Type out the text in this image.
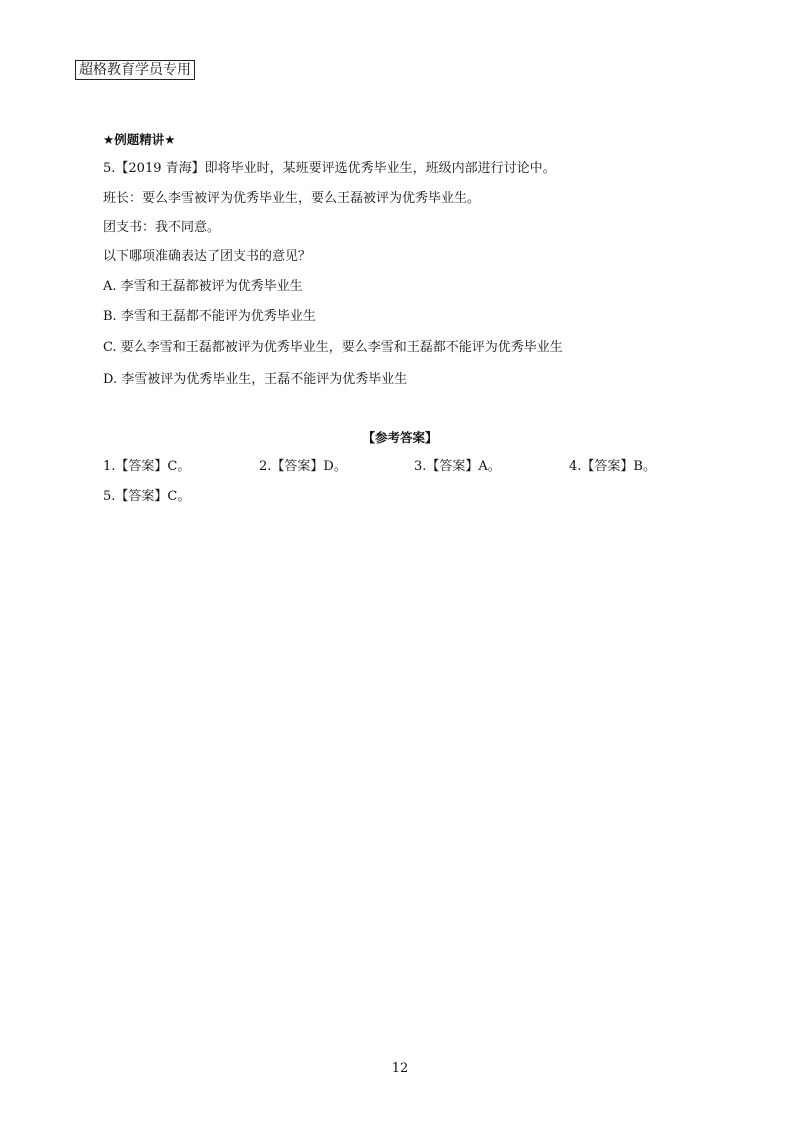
超格教育学员专用
★例题精讲★
5.【2019 青海】即将毕业时，某班要评选优秀毕业生，班级内部进行讨论中。
班长：要么李雪被评为优秀毕业生，要么王磊被评为优秀毕业生。
团支书：我不同意。
以下哪项准确表达了团支书的意见？
A. 李雪和王磊都被评为优秀毕业生
B. 李雪和王磊都不能评为优秀毕业生
C. 要么李雪和王磊都被评为优秀毕业生，要么李雪和王磊都不能评为优秀毕业生
D. 李雪被评为优秀毕业生，王磊不能评为优秀毕业生
【参考答案】
1.【答案】C。	2.【答案】D。	3.【答案】A。	4.【答案】B。
5.【答案】C。
12
